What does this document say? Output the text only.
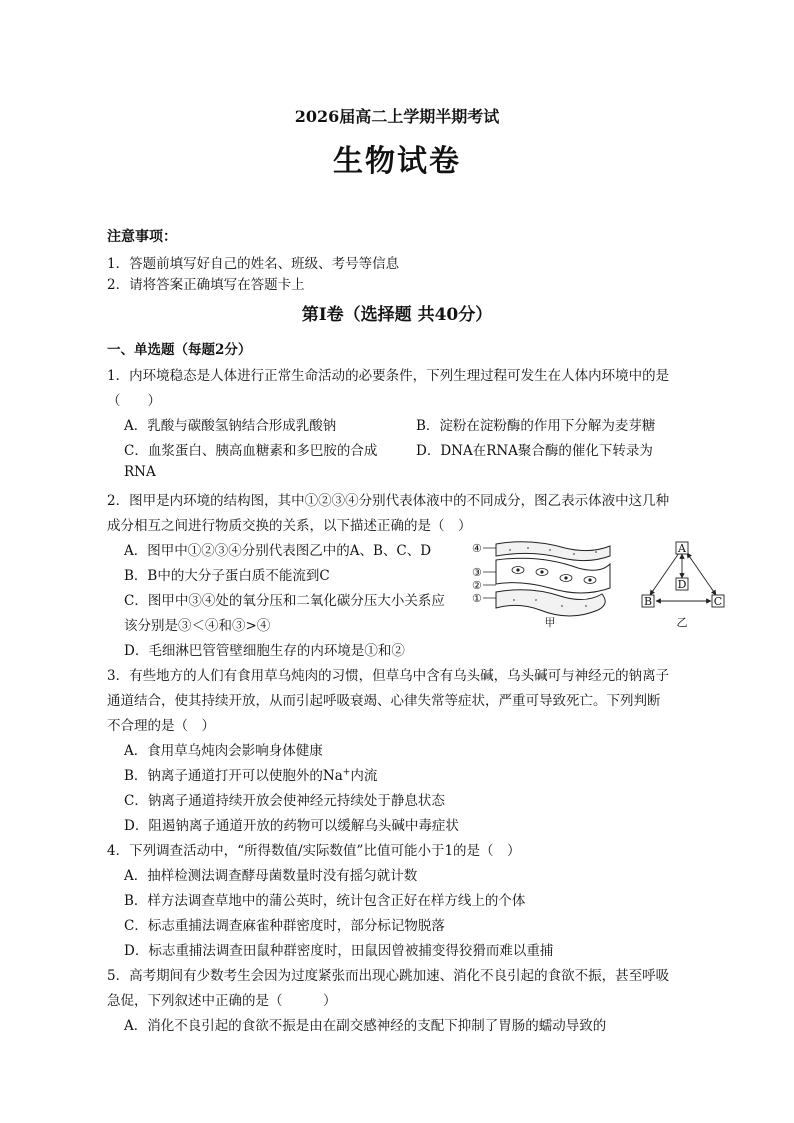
2026届高二上学期半期考试
生物试卷
注意事项：
1．答题前填写好自己的姓名、班级、考号等信息
2．请将答案正确填写在答题卡上
第Ⅰ卷（选择题 共40分）
一、单选题（每题2分）
1．内环境稳态是人体进行正常生命活动的必要条件，下列生理过程可发生在人体内环境中的是
（　　）
A．乳酸与碳酸氢钠结合形成乳酸钠	B．淀粉在淀粉酶的作用下分解为麦芽糖
C．血浆蛋白、胰高血糖素和多巴胺的合成	D．DNA在RNA聚合酶的催化下转录为
RNA
2．图甲是内环境的结构图，其中①②③④分别代表体液中的不同成分，图乙表示体液中这几种
成分相互之间进行物质交换的关系，以下描述正确的是（　）
A．图甲中①②③④分别代表图乙中的A、B、C、D
B．B中的大分子蛋白质不能流到C
C．图甲中③④处的氧分压和二氧化碳分压大小关系应
该分别是③＜④和③>④
D．毛细淋巴管管壁细胞生存的内环境是①和②
④
③
②
①
甲
A
D
B	C
乙
3．有些地方的人们有食用草乌炖肉的习惯，但草乌中含有乌头碱，乌头碱可与神经元的钠离子
通道结合，使其持续开放，从而引起呼吸衰竭、心律失常等症状，严重可导致死亡。下列判断
不合理的是（　）
A．食用草乌炖肉会影响身体健康
B．钠离子通道打开可以使胞外的Na+内流
C．钠离子通道持续开放会使神经元持续处于静息状态
D．阻遏钠离子通道开放的药物可以缓解乌头碱中毒症状
4．下列调查活动中，“所得数值/实际数值”比值可能小于1的是（　）
A．抽样检测法调查酵母菌数量时没有摇匀就计数
B．样方法调查草地中的蒲公英时，统计包含正好在样方线上的个体
C．标志重捕法调查麻雀种群密度时，部分标记物脱落
D．标志重捕法调查田鼠种群密度时，田鼠因曾被捕变得狡猾而难以重捕
5．高考期间有少数考生会因为过度紧张而出现心跳加速、消化不良引起的食欲不振，甚至呼吸
急促，下列叙述中正确的是（　　　）
A．消化不良引起的食欲不振是由在副交感神经的支配下抑制了胃肠的蠕动导致的
